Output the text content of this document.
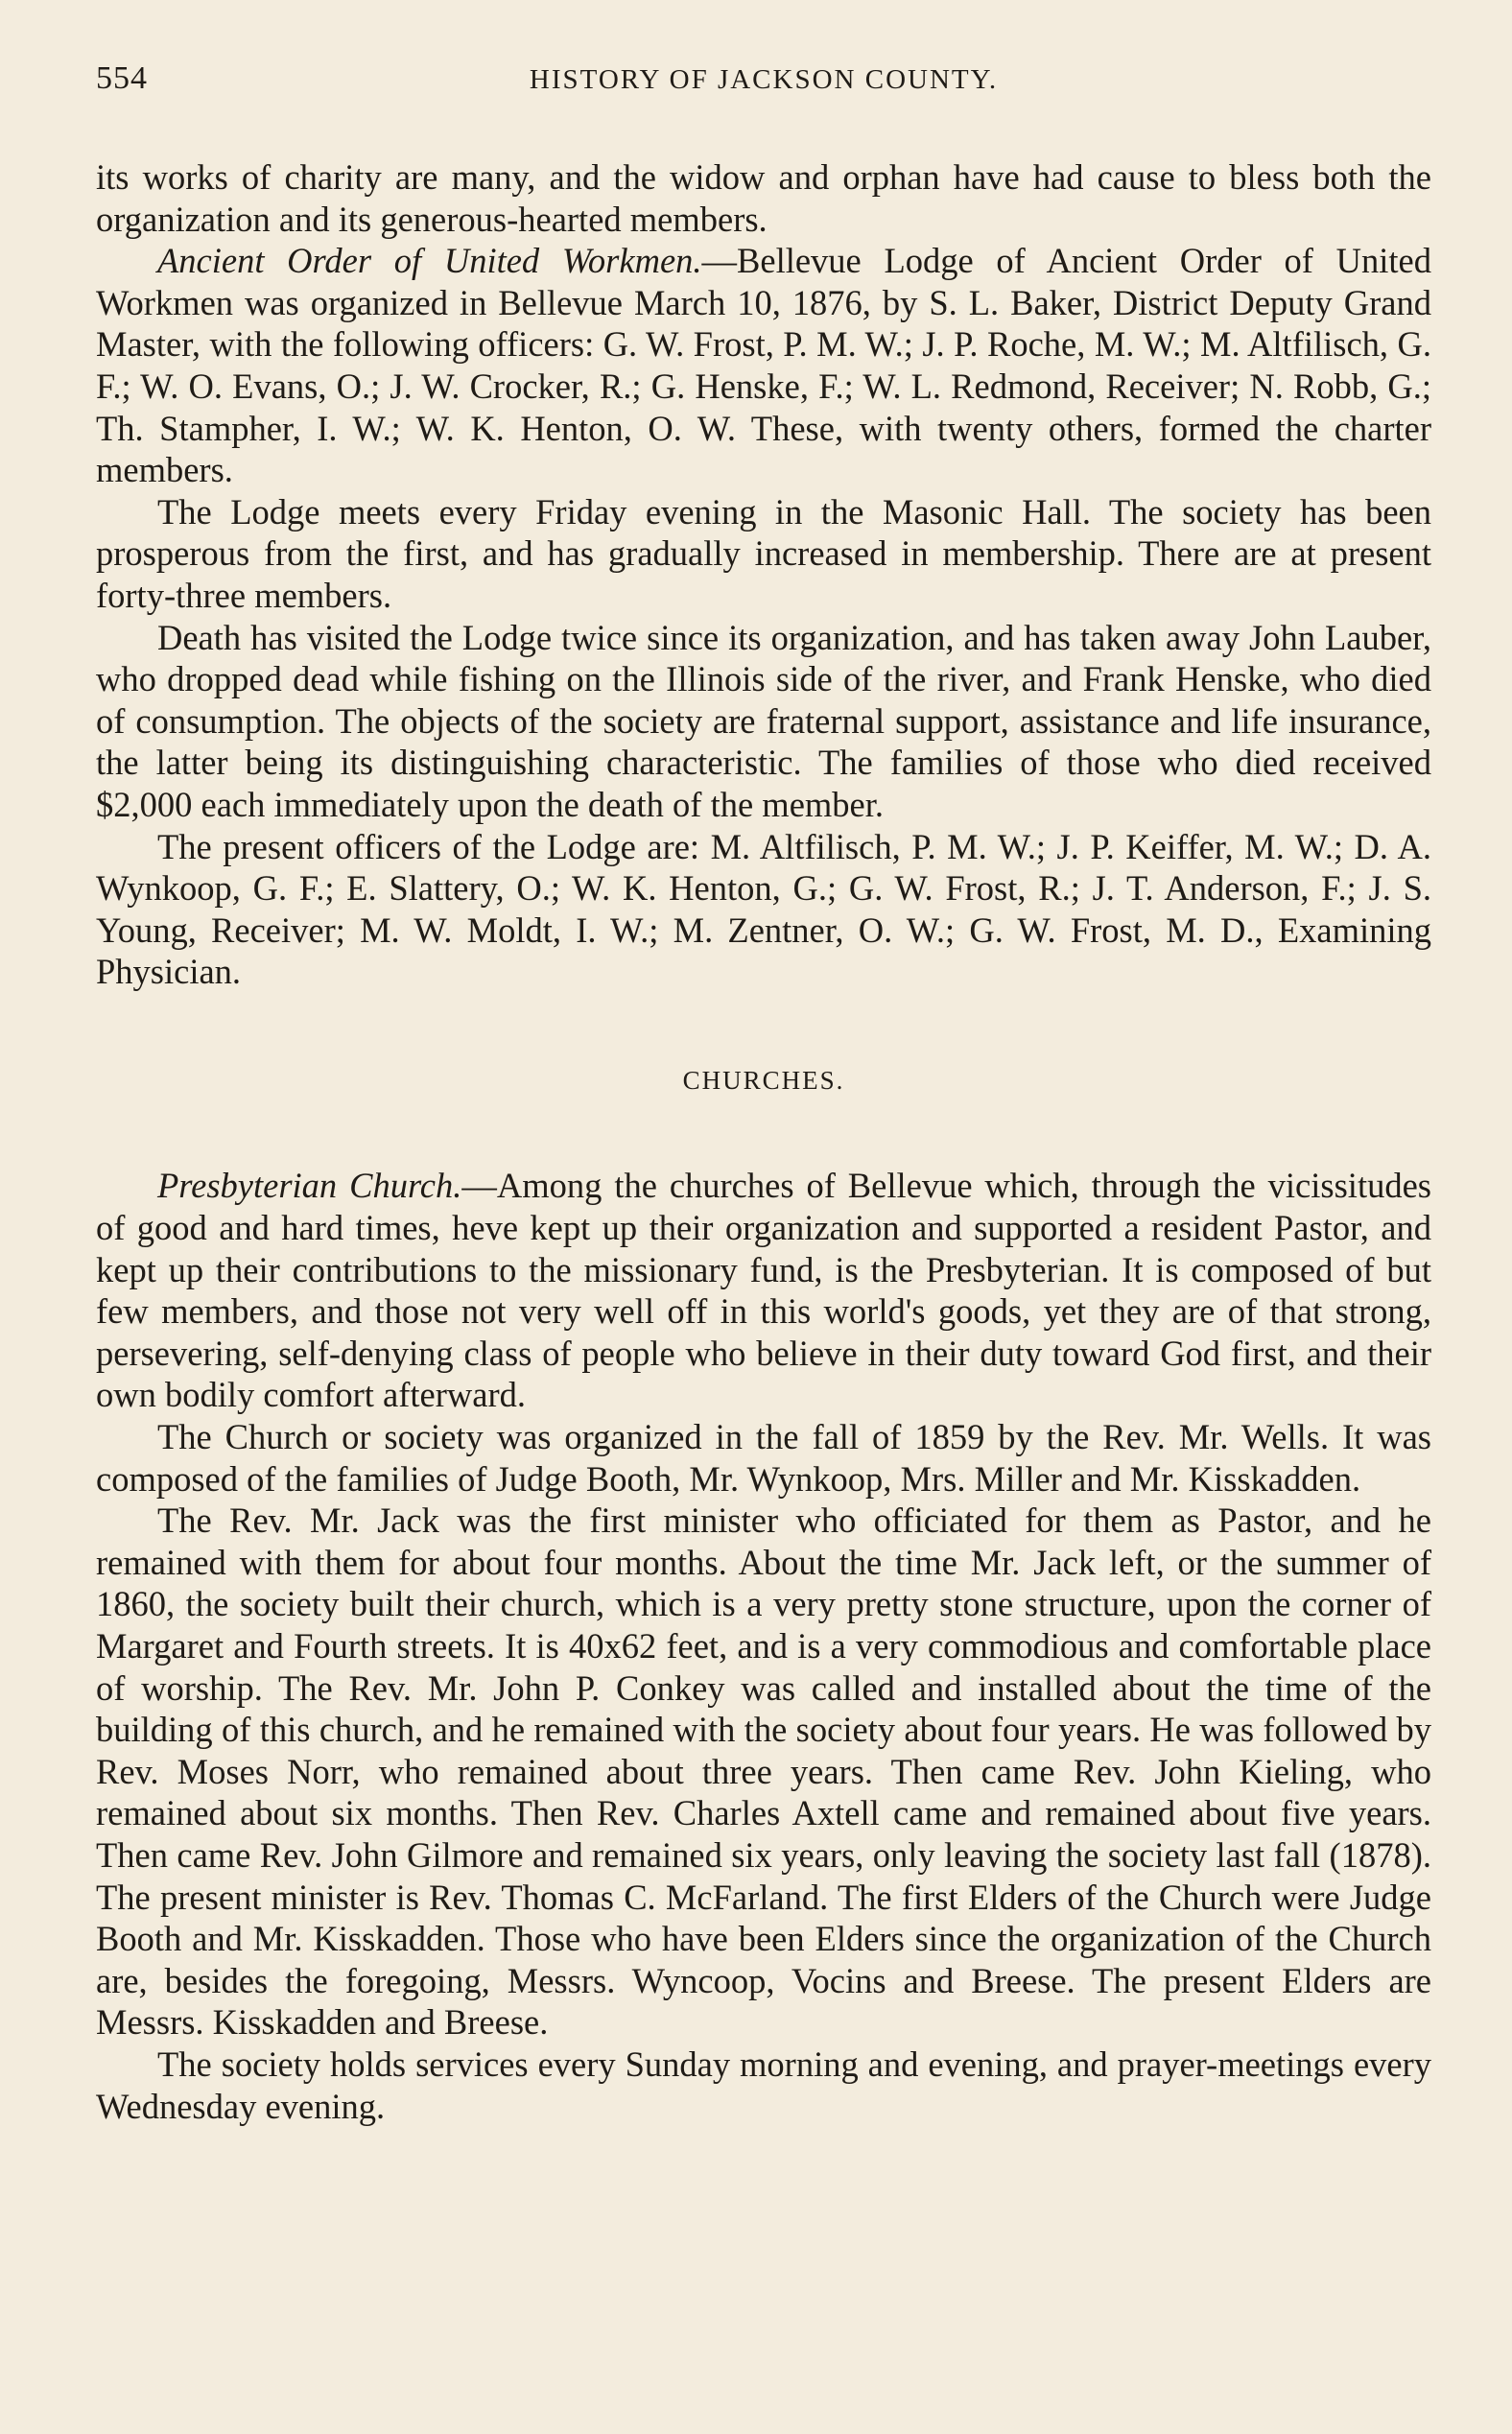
554	HISTORY OF JACKSON COUNTY.

its works of charity are many, and the widow and orphan have had cause to bless both the organization and its generous-hearted members.

Ancient Order of United Workmen.—Bellevue Lodge of Ancient Order of United Workmen was organized in Bellevue March 10, 1876, by S. L. Baker, District Deputy Grand Master, with the following officers: G. W. Frost, P. M. W.; J. P. Roche, M. W.; M. Altfilisch, G. F.; W. O. Evans, O.; J. W. Crocker, R.; G. Henske, F.; W. L. Redmond, Receiver; N. Robb, G.; Th. Stampher, I. W.; W. K. Henton, O. W. These, with twenty others, formed the charter members.

The Lodge meets every Friday evening in the Masonic Hall. The society has been prosperous from the first, and has gradually increased in membership. There are at present forty-three members.

Death has visited the Lodge twice since its organization, and has taken away John Lauber, who dropped dead while fishing on the Illinois side of the river, and Frank Henske, who died of consumption. The objects of the society are fraternal support, assistance and life insurance, the latter being its distinguishing characteristic. The families of those who died received $2,000 each immediately upon the death of the member.

The present officers of the Lodge are: M. Altfilisch, P. M. W.; J. P. Keiffer, M. W.; D. A. Wynkoop, G. F.; E. Slattery, O.; W. K. Henton, G.; G. W. Frost, R.; J. T. Anderson, F.; J. S. Young, Receiver; M. W. Moldt, I. W.; M. Zentner, O. W.; G. W. Frost, M. D., Examining Physician.

CHURCHES.

Presbyterian Church.—Among the churches of Bellevue which, through the vicissitudes of good and hard times, heve kept up their organization and supported a resident Pastor, and kept up their contributions to the missionary fund, is the Presbyterian. It is composed of but few members, and those not very well off in this world's goods, yet they are of that strong, persevering, self-denying class of people who believe in their duty toward God first, and their own bodily comfort afterward.

The Church or society was organized in the fall of 1859 by the Rev. Mr. Wells. It was composed of the families of Judge Booth, Mr. Wynkoop, Mrs. Miller and Mr. Kisskadden.

The Rev. Mr. Jack was the first minister who officiated for them as Pastor, and he remained with them for about four months. About the time Mr. Jack left, or the summer of 1860, the society built their church, which is a very pretty stone structure, upon the corner of Margaret and Fourth streets. It is 40x62 feet, and is a very commodious and comfortable place of worship. The Rev. Mr. John P. Conkey was called and installed about the time of the building of this church, and he remained with the society about four years. He was followed by Rev. Moses Norr, who remained about three years. Then came Rev. John Kieling, who remained about six months. Then Rev. Charles Axtell came and remained about five years. Then came Rev. John Gilmore and remained six years, only leaving the society last fall (1878). The present minister is Rev. Thomas C. McFarland. The first Elders of the Church were Judge Booth and Mr. Kisskadden. Those who have been Elders since the organization of the Church are, besides the foregoing, Messrs. Wyncoop, Vocins and Breese. The present Elders are Messrs. Kisskadden and Breese.

The society holds services every Sunday morning and evening, and prayer-meetings every Wednesday evening.
